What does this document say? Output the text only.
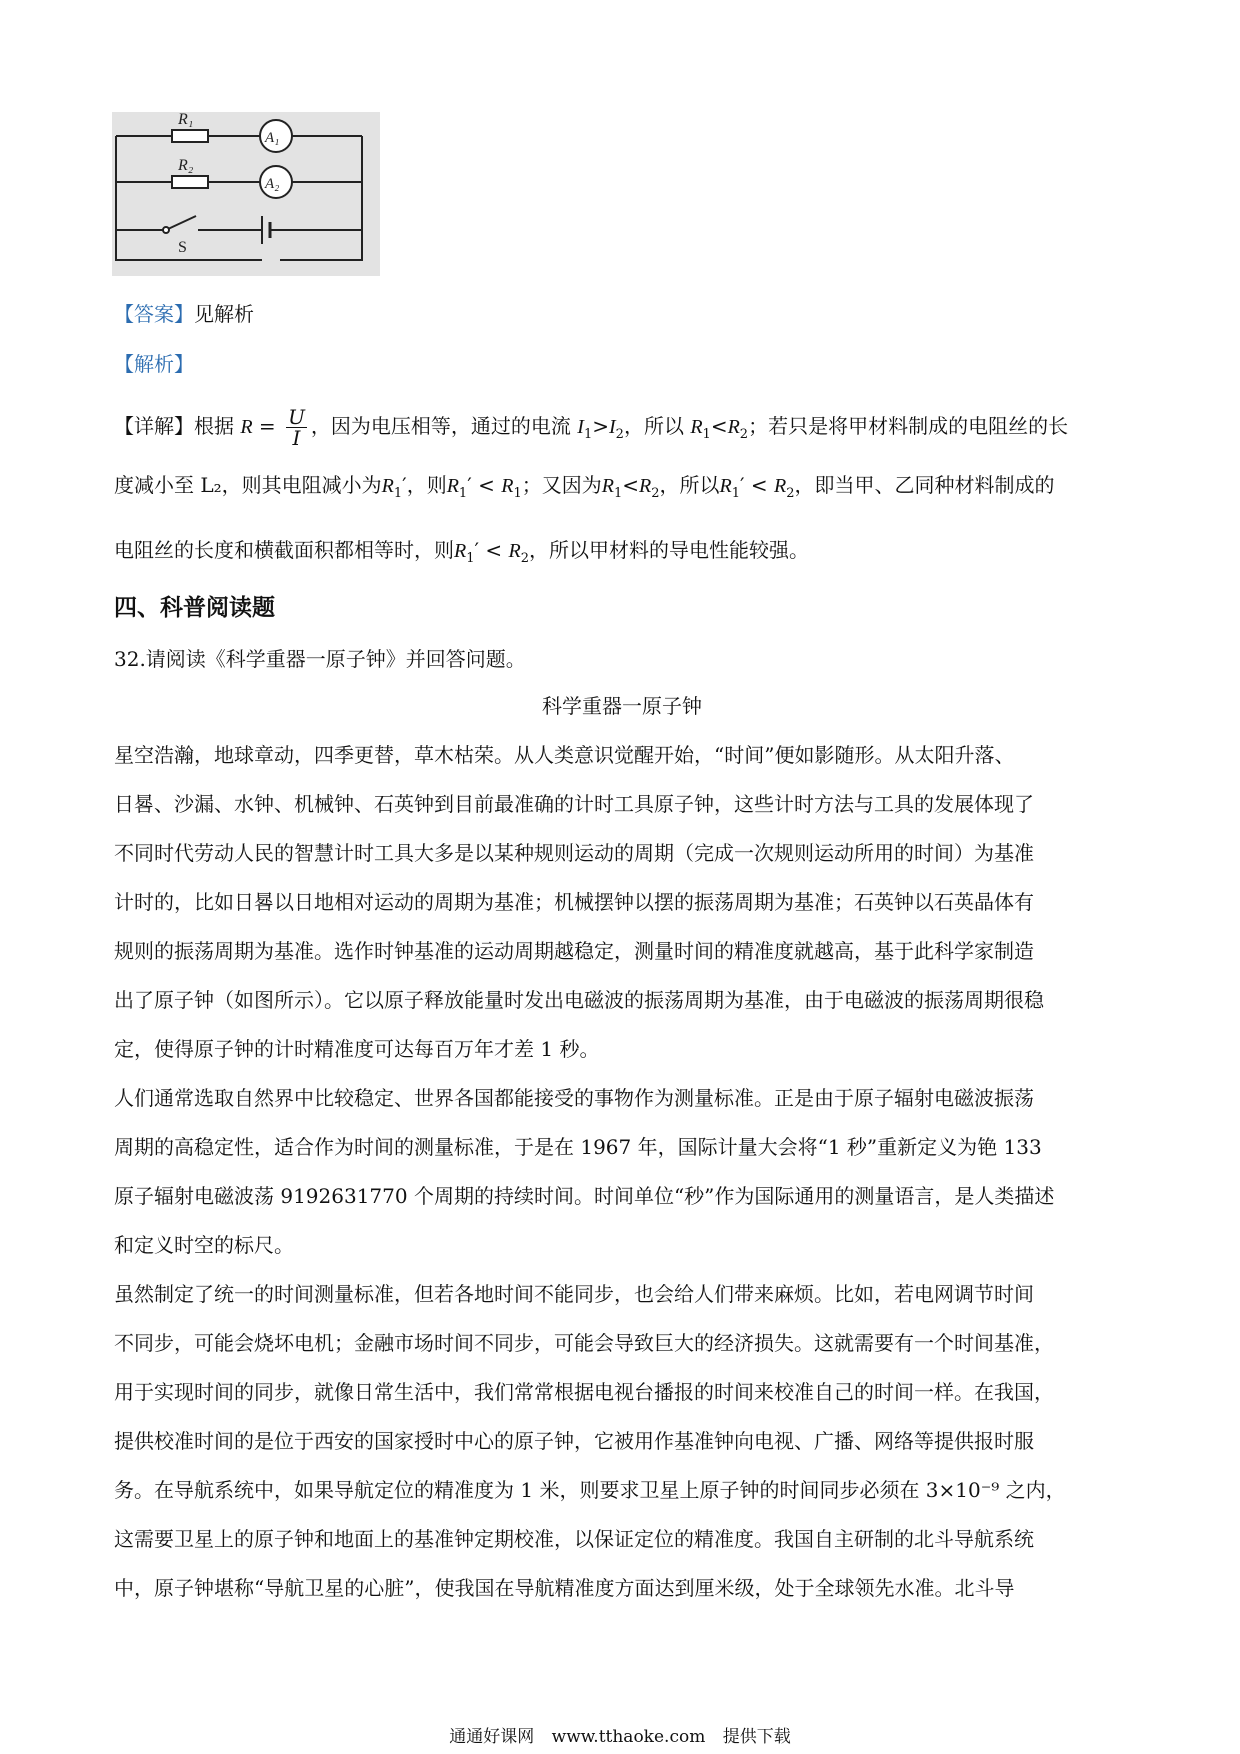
R₁
A₁
R₂
A₂
S
【答案】见解析
【解析】
【详解】根据 $R = \frac{U}{I}$ ，因为电压相等，通过的电流 $I_1>I_2$，所以 $R_1<R_2$；若只是将甲材料制成的电阻丝的长
度减小至 L₂，则其电阻减小为$R_1'$，则$R_1' < R_1$；又因为$R_1<R_2$，所以$R_1' < R_2$，即当甲、乙同种材料制成的
电阻丝的长度和横截面积都相等时，则$R_1' < R_2$，所以甲材料的导电性能较强。
四、科普阅读题
32.请阅读《科学重器一原子钟》并回答问题。
科学重器一原子钟
星空浩瀚，地球章动，四季更替，草木枯荣。从人类意识觉醒开始，“时间”便如影随形。从太阳升落、
日晷、沙漏、水钟、机械钟、石英钟到目前最准确的计时工具原子钟，这些计时方法与工具的发展体现了
不同时代劳动人民的智慧计时工具大多是以某种规则运动的周期（完成一次规则运动所用的时间）为基准
计时的，比如日晷以日地相对运动的周期为基准；机械摆钟以摆的振荡周期为基准；石英钟以石英晶体有
规则的振荡周期为基准。选作时钟基准的运动周期越稳定，测量时间的精准度就越高，基于此科学家制造
出了原子钟（如图所示）。它以原子释放能量时发出电磁波的振荡周期为基准，由于电磁波的振荡周期很稳
定，使得原子钟的计时精准度可达每百万年才差 1 秒。
人们通常选取自然界中比较稳定、世界各国都能接受的事物作为测量标准。正是由于原子辐射电磁波振荡
周期的高稳定性，适合作为时间的测量标准，于是在 1967 年，国际计量大会将“1 秒”重新定义为铯 133
原子辐射电磁波荡 9192631770 个周期的持续时间。时间单位“秒”作为国际通用的测量语言，是人类描述
和定义时空的标尺。
虽然制定了统一的时间测量标准，但若各地时间不能同步，也会给人们带来麻烦。比如，若电网调节时间
不同步，可能会烧坏电机；金融市场时间不同步，可能会导致巨大的经济损失。这就需要有一个时间基准，
用于实现时间的同步，就像日常生活中，我们常常根据电视台播报的时间来校准自己的时间一样。在我国，
提供校准时间的是位于西安的国家授时中心的原子钟，它被用作基准钟向电视、广播、网络等提供报时服
务。在导航系统中，如果导航定位的精准度为 1 米，则要求卫星上原子钟的时间同步必须在 3×10⁻⁹ 之内，
这需要卫星上的原子钟和地面上的基准钟定期校准，以保证定位的精准度。我国自主研制的北斗导航系统
中，原子钟堪称“导航卫星的心脏”，使我国在导航精准度方面达到厘米级，处于全球领先水准。北斗导
通通好课网 www.tthaoke.com 提供下载
